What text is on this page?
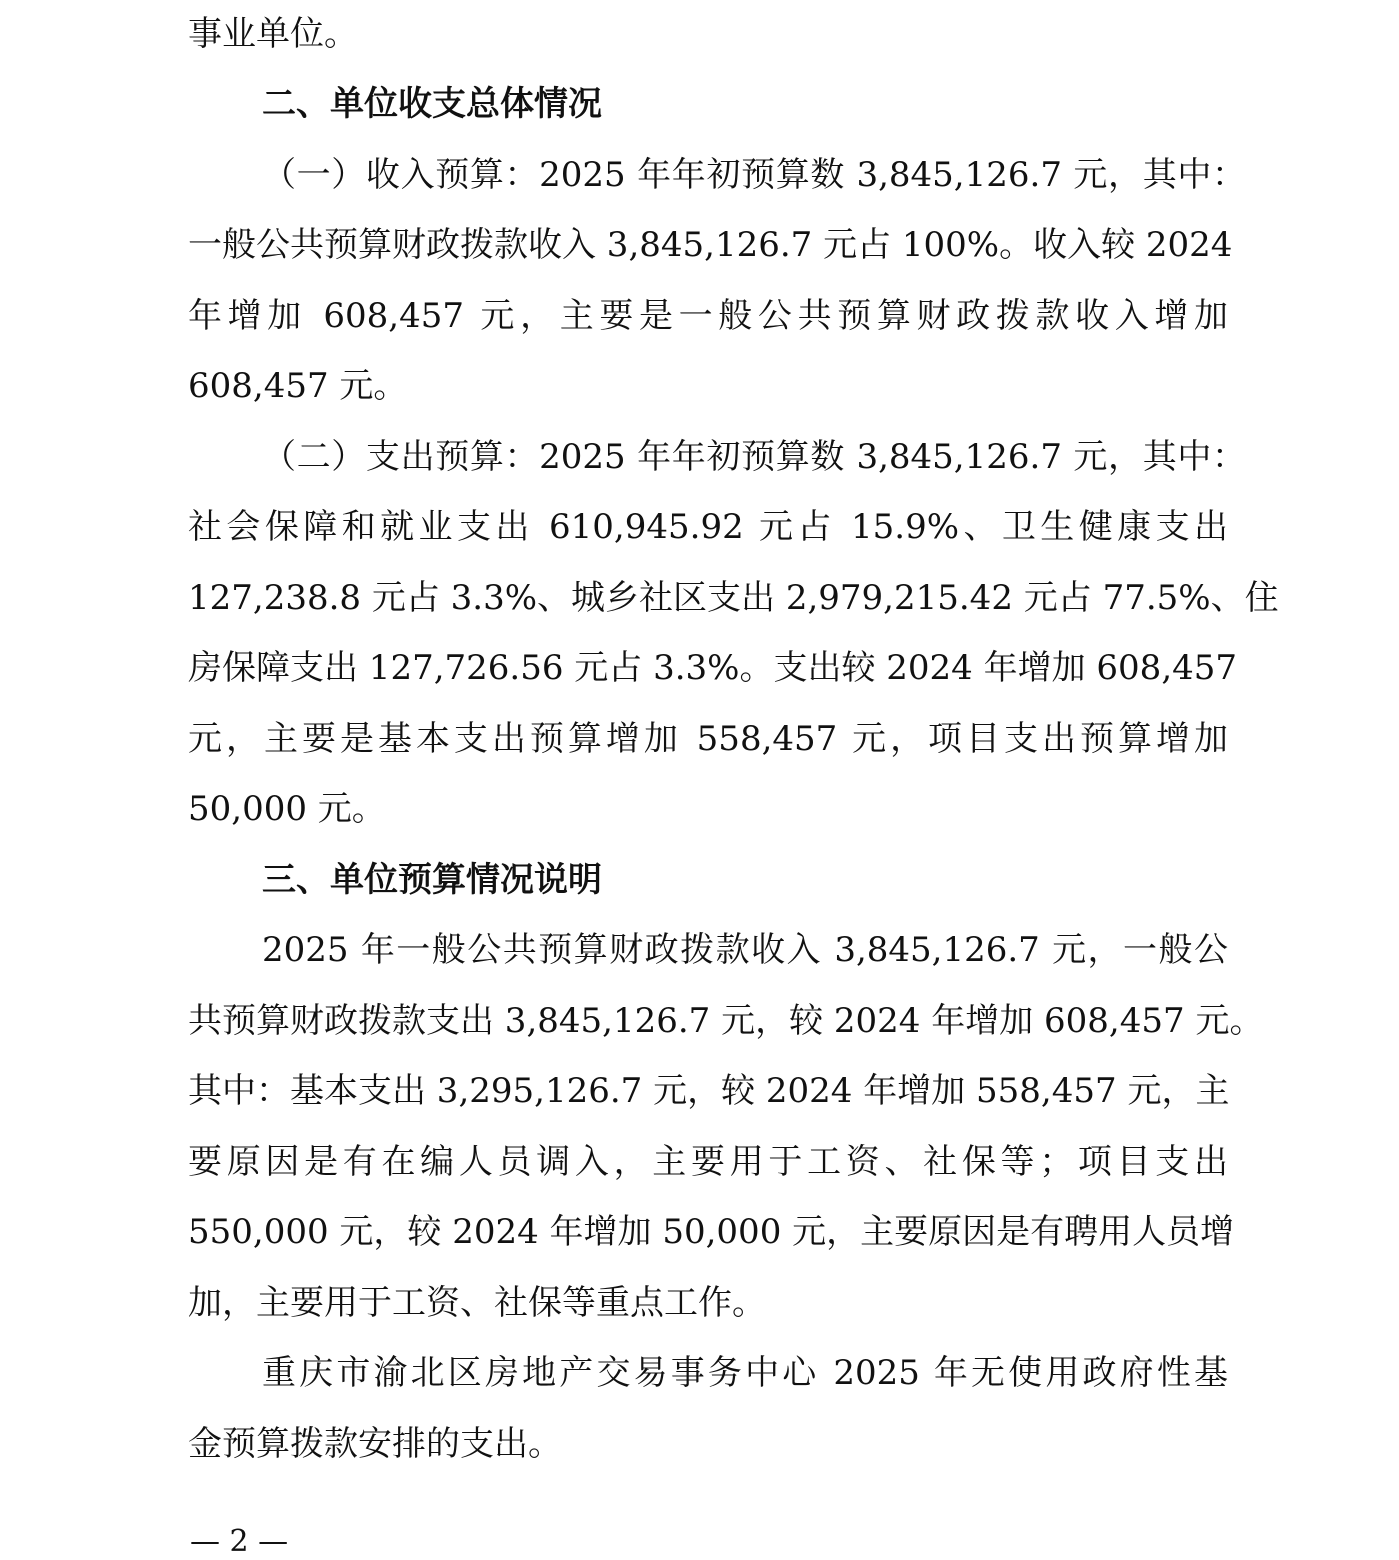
事业单位。
二、单位收支总体情况
（一）收入预算：2025 年年初预算数 3,845,126.7 元，其中：
一般公共预算财政拨款收入 3,845,126.7 元占 100%。收入较 2024
年增加 608,457 元，主要是一般公共预算财政拨款收入增加
608,457 元。
（二）支出预算：2025 年年初预算数 3,845,126.7 元，其中：
社会保障和就业支出 610,945.92 元占 15.9%、卫生健康支出
127,238.8 元占 3.3%、城乡社区支出 2,979,215.42 元占 77.5%、住
房保障支出 127,726.56 元占 3.3%。支出较 2024 年增加 608,457
元，主要是基本支出预算增加 558,457 元，项目支出预算增加
50,000 元。
三、单位预算情况说明
2025 年一般公共预算财政拨款收入 3,845,126.7 元，一般公
共预算财政拨款支出 3,845,126.7 元，较 2024 年增加 608,457 元。
其中：基本支出 3,295,126.7 元，较 2024 年增加 558,457 元，主
要原因是有在编人员调入，主要用于工资、社保等；项目支出
550,000 元，较 2024 年增加 50,000 元，主要原因是有聘用人员增
加，主要用于工资、社保等重点工作。
重庆市渝北区房地产交易事务中心 2025 年无使用政府性基
金预算拨款安排的支出。
— 2 —
